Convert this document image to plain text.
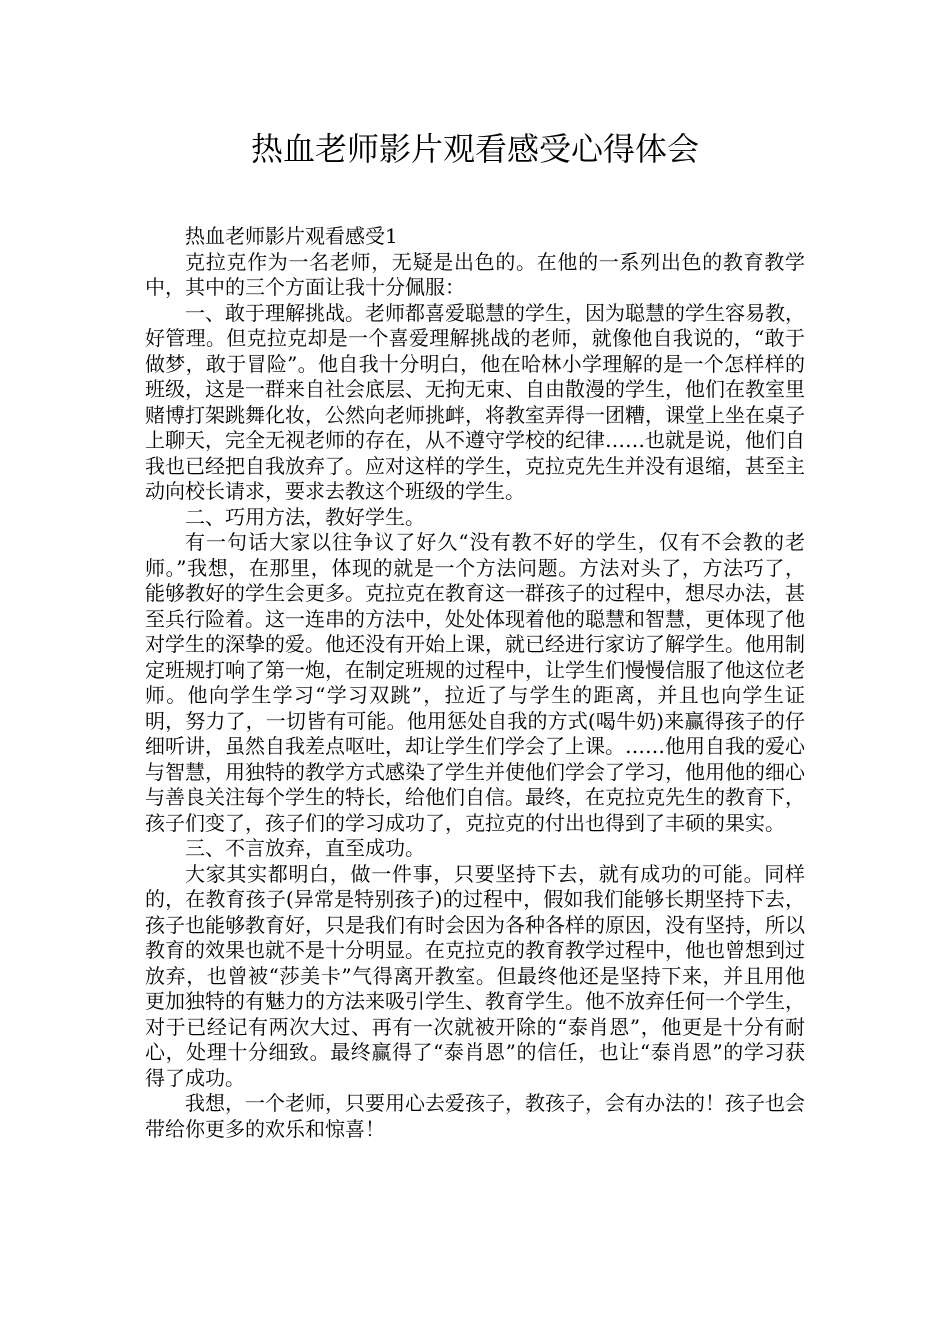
热血老师影片观看感受心得体会

热血老师影片观看感受1

克拉克作为一名老师，无疑是出色的。在他的一系列出色的教育教学中，其中的三个方面让我十分佩服：

一、敢于理解挑战。老师都喜爱聪慧的学生，因为聪慧的学生容易教，好管理。但克拉克却是一个喜爱理解挑战的老师，就像他自我说的，“敢于做梦，敢于冒险”。他自我十分明白，他在哈林小学理解的是一个怎样样的班级，这是一群来自社会底层、无拘无束、自由散漫的学生，他们在教室里赌博打架跳舞化妆，公然向老师挑衅，将教室弄得一团糟，课堂上坐在桌子上聊天，完全无视老师的存在，从不遵守学校的纪律……也就是说，他们自我也已经把自我放弃了。应对这样的学生，克拉克先生并没有退缩，甚至主动向校长请求，要求去教这个班级的学生。

二、巧用方法，教好学生。

有一句话大家以往争议了好久“没有教不好的学生，仅有不会教的老师。”我想，在那里，体现的就是一个方法问题。方法对头了，方法巧了，能够教好的学生会更多。克拉克在教育这一群孩子的过程中，想尽办法，甚至兵行险着。这一连串的方法中，处处体现着他的聪慧和智慧，更体现了他对学生的深挚的爱。他还没有开始上课，就已经进行家访了解学生。他用制定班规打响了第一炮，在制定班规的过程中，让学生们慢慢信服了他这位老师。他向学生学习“学习双跳”，拉近了与学生的距离，并且也向学生证明，努力了，一切皆有可能。他用惩处自我的方式(喝牛奶)来赢得孩子的仔细听讲，虽然自我差点呕吐，却让学生们学会了上课。……他用自我的爱心与智慧，用独特的教学方式感染了学生并使他们学会了学习，他用他的细心与善良关注每个学生的特长，给他们自信。最终，在克拉克先生的教育下，孩子们变了，孩子们的学习成功了，克拉克的付出也得到了丰硕的果实。

三、不言放弃，直至成功。

大家其实都明白，做一件事，只要坚持下去，就有成功的可能。同样的，在教育孩子(异常是特别孩子)的过程中，假如我们能够长期坚持下去，孩子也能够教育好，只是我们有时会因为各种各样的原因，没有坚持，所以教育的效果也就不是十分明显。在克拉克的教育教学过程中，他也曾想到过放弃，也曾被“莎美卡”气得离开教室。但最终他还是坚持下来，并且用他更加独特的有魅力的方法来吸引学生、教育学生。他不放弃任何一个学生，对于已经记有两次大过、再有一次就被开除的“泰肖恩”，他更是十分有耐心，处理十分细致。最终赢得了“泰肖恩”的信任，也让“泰肖恩”的学习获得了成功。

我想，一个老师，只要用心去爱孩子，教孩子，会有办法的！孩子也会带给你更多的欢乐和惊喜！
